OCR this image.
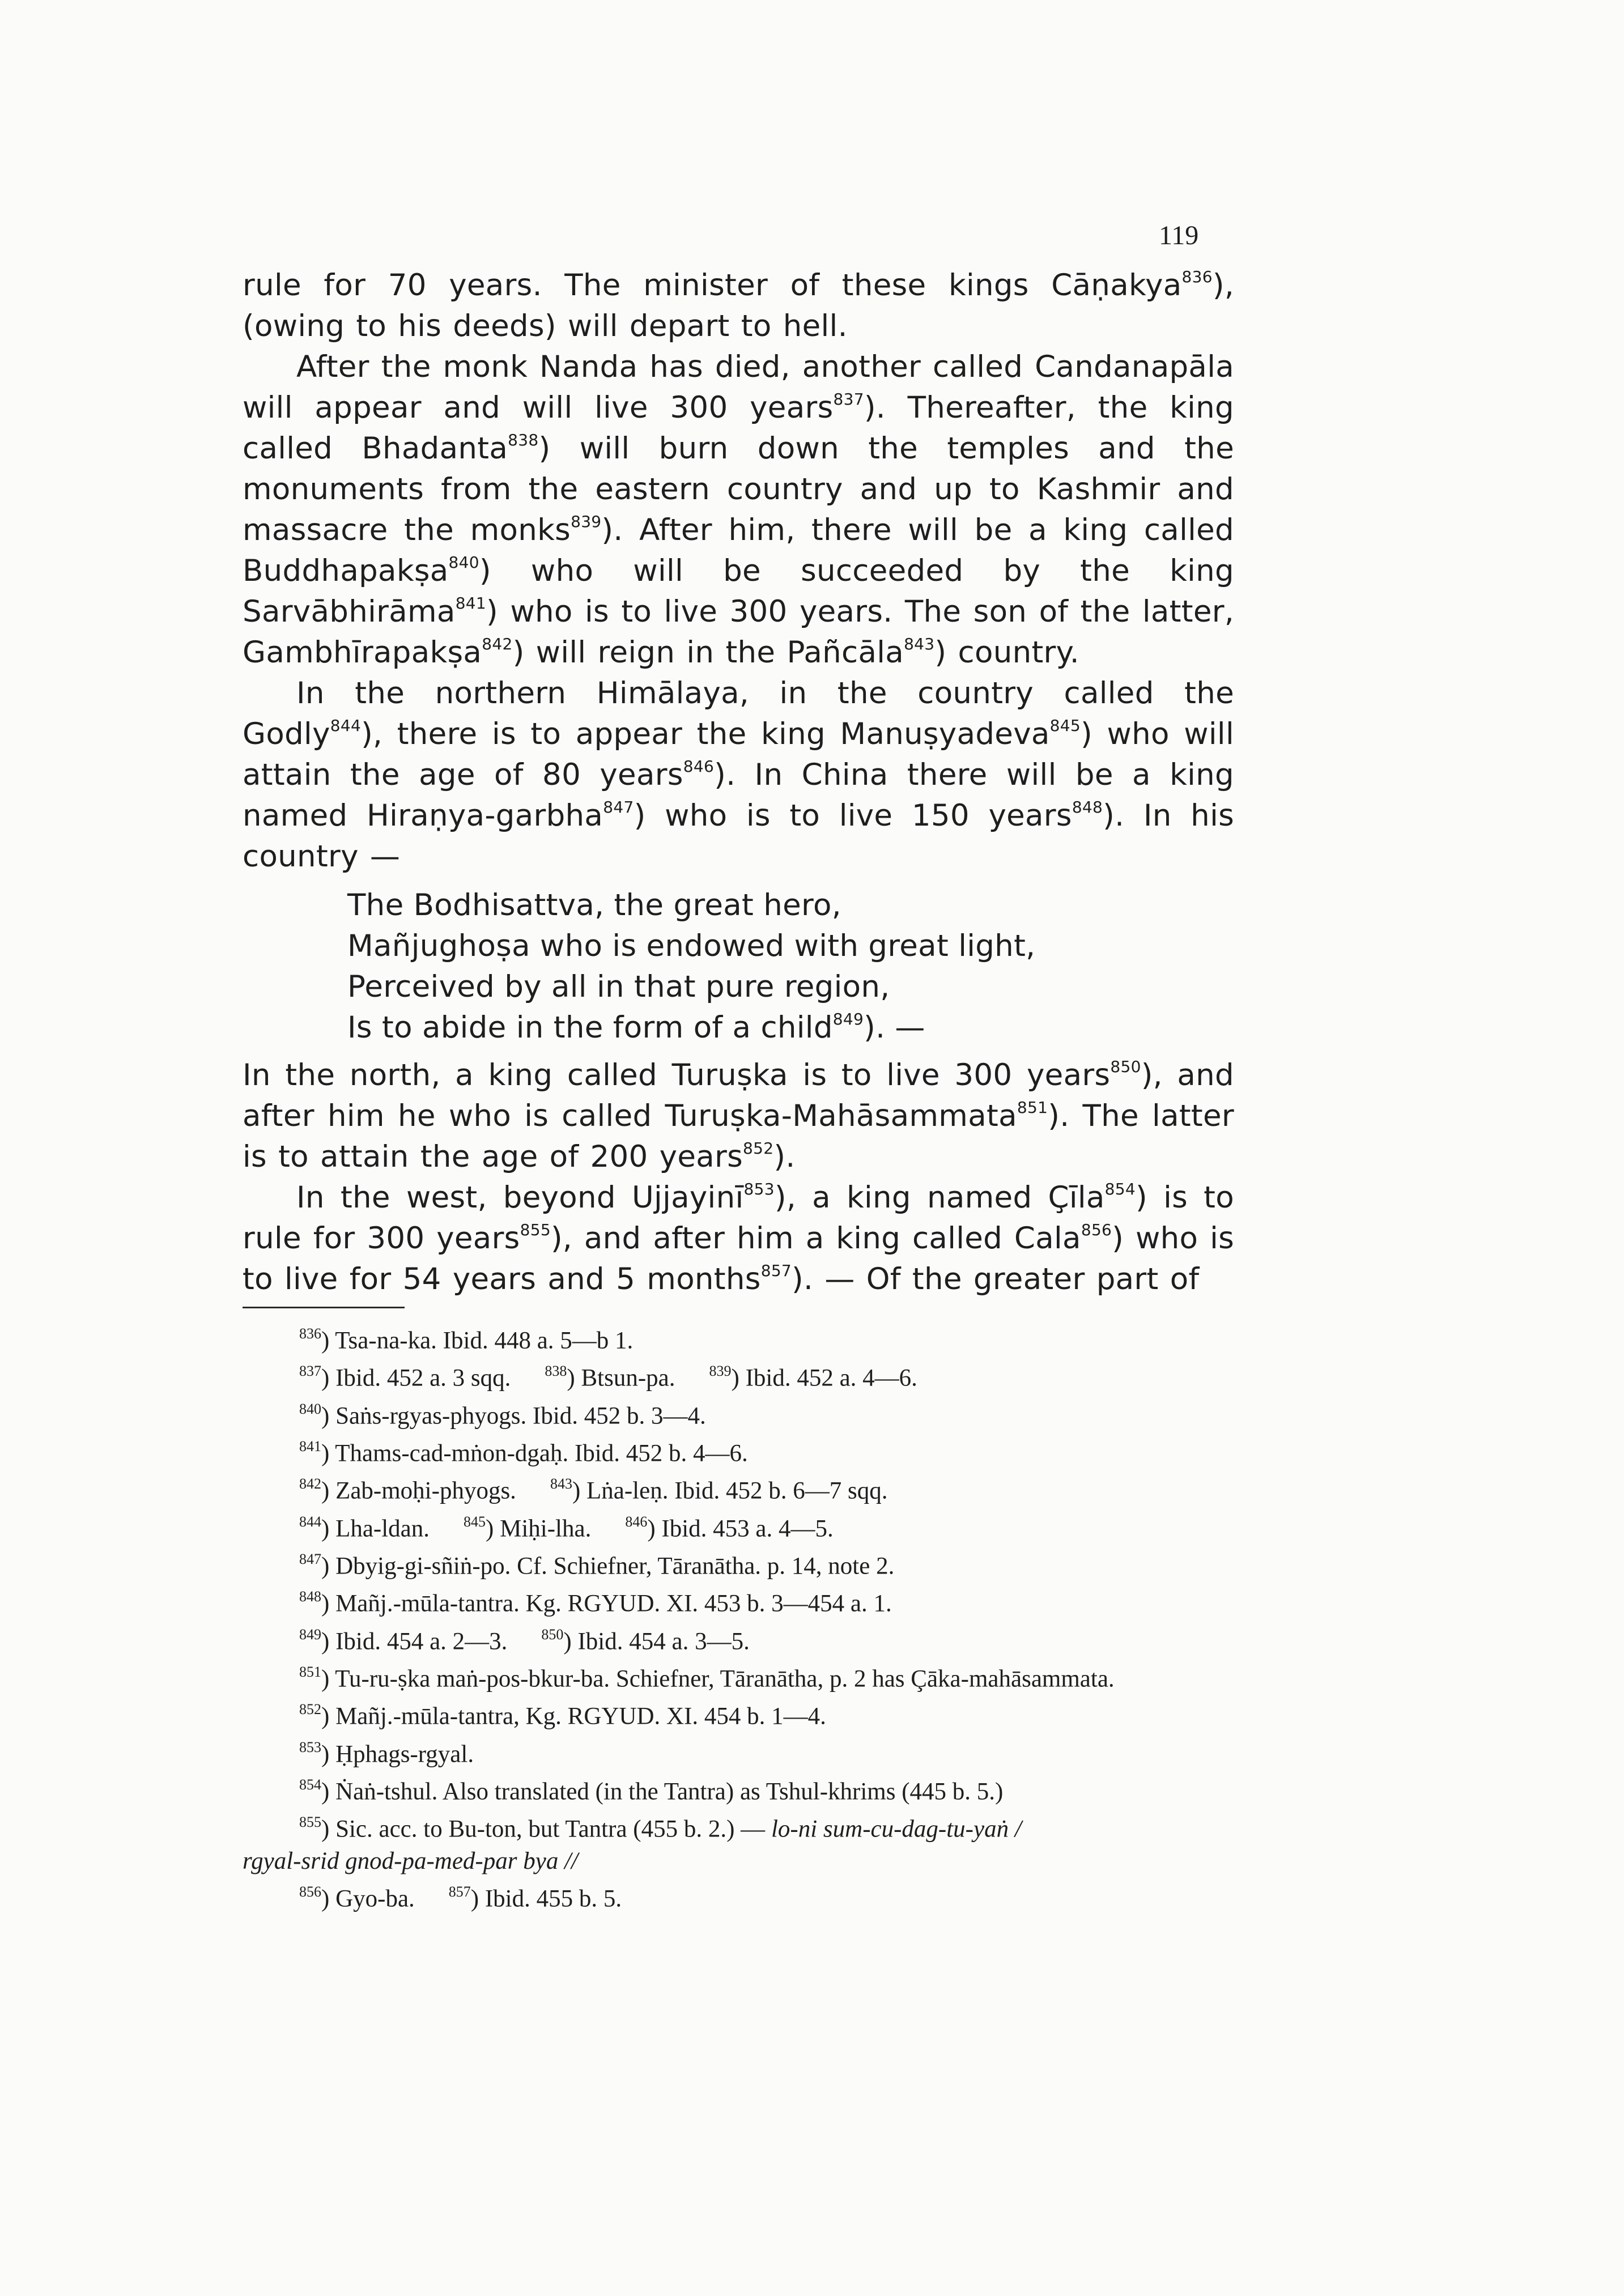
119

rule for 70 years. The minister of these kings Cāṇakya$^{836}$), (owing to his deeds) will depart to hell.

After the monk Nanda has died, another called Candanapāla will appear and will live 300 years$^{837}$). Thereafter, the king called Bhadanta$^{838}$) will burn down the temples and the monuments from the eastern country and up to Kashmir and massacre the monks$^{839}$). After him, there will be a king called Buddhapakṣa$^{840}$) who will be succeeded by the king Sarvābhirāma$^{841}$) who is to live 300 years. The son of the latter, Gambhīrapakṣa$^{842}$) will reign in the Pañcāla$^{843}$) country.

In the northern Himālaya, in the country called the Godly$^{844}$), there is to appear the king Manuṣyadeva$^{845}$) who will attain the age of 80 years$^{846}$). In China there will be a king named Hiraṇya-garbha$^{847}$) who is to live 150 years$^{848}$). In his country —

The Bodhisattva, the great hero,
Mañjughoṣa who is endowed with great light,
Perceived by all in that pure region,
Is to abide in the form of a child$^{849}$). —

In the north, a king called Turuṣka is to live 300 years$^{850}$), and after him he who is called Turuṣka-Mahāsammata$^{851}$). The latter is to attain the age of 200 years$^{852}$).

In the west, beyond Ujjayinī$^{853}$), a king named Çīla$^{854}$) is to rule for 300 years$^{855}$), and after him a king called Cala$^{856}$) who is to live for 54 years and 5 months$^{857}$). — Of the greater part of

$^{836}$) Tsa-na-ka. Ibid. 448 a. 5—b 1.
$^{837}$) Ibid. 452 a. 3 sqq. $^{838}$) Btsun-pa. $^{839}$) Ibid. 452 a. 4—6.
$^{840}$) Saṅs-rgyas-phyogs. Ibid. 452 b. 3—4.
$^{841}$) Thams-cad-mṅon-dgaḥ. Ibid. 452 b. 4—6.
$^{842}$) Zab-moḥi-phyogs. $^{843}$) Lṅa-leṇ. Ibid. 452 b. 6—7 sqq.
$^{844}$) Lha-ldan. $^{845}$) Miḥi-lha. $^{846}$) Ibid. 453 a. 4—5.
$^{847}$) Dbyig-gi-sñiṅ-po. Cf. Schiefner, Tāranātha. p. 14, note 2.
$^{848}$) Mañj.-mūla-tantra. Kg. RGYUD. XI. 453 b. 3—454 a. 1.
$^{849}$) Ibid. 454 a. 2—3. $^{850}$) Ibid. 454 a. 3—5.
$^{851}$) Tu-ru-ṣka maṅ-pos-bkur-ba. Schiefner, Tāranātha, p. 2 has Çāka-mahāsammata.
$^{852}$) Mañj.-mūla-tantra, Kg. RGYUD. XI. 454 b. 1—4.
$^{853}$) Ḥphags-rgyal.
$^{854}$) Ṅaṅ-tshul. Also translated (in the Tantra) as Tshul-khrims (445 b. 5.)
$^{855}$) Sic. acc. to Bu-ton, but Tantra (455 b. 2.) — lo-ni sum-cu-dag-tu-yaṅ /
rgyal-srid gnod-pa-med-par bya //
$^{856}$) Gyo-ba. $^{857}$) Ibid. 455 b. 5.
